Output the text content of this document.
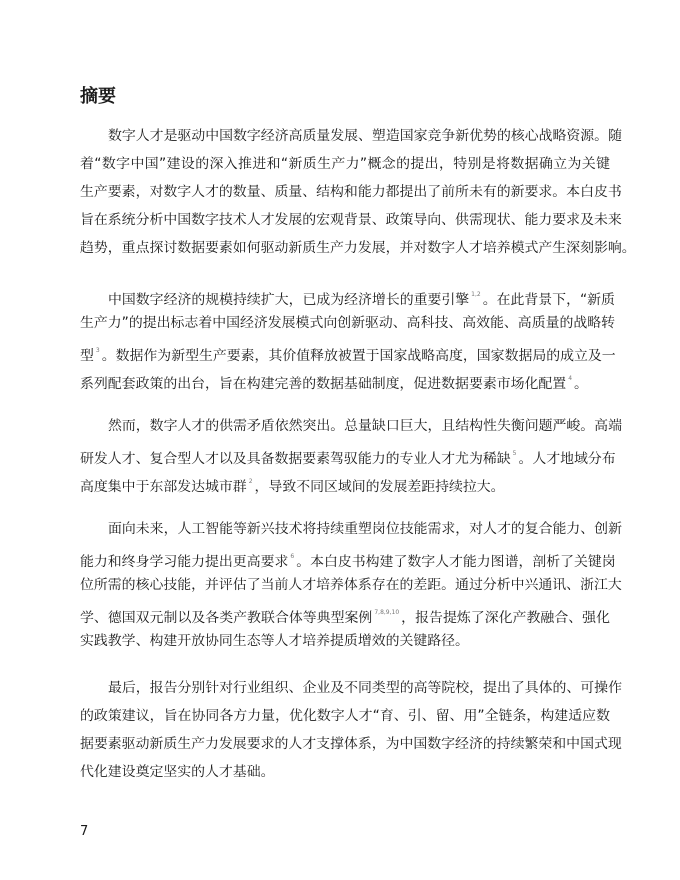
摘要
数字人才是驱动中国数字经济高质量发展、塑造国家竞争新优势的核心战略资源。随
着“数字中国”建设的深入推进和“新质生产力”概念的提出，特别是将数据确立为关键
生产要素，对数字人才的数量、质量、结构和能力都提出了前所未有的新要求。本白皮书
旨在系统分析中国数字技术人才发展的宏观背景、政策导向、供需现状、能力要求及未来
趋势，重点探讨数据要素如何驱动新质生产力发展，并对数字人才培养模式产生深刻影响。
中国数字经济的规模持续扩大，已成为经济增长的重要引擎 $^{1,2}$ 。在此背景下，“新质
生产力”的提出标志着中国经济发展模式向创新驱动、高科技、高效能、高质量的战略转
型 $^3$ 。数据作为新型生产要素，其价值释放被置于国家战略高度，国家数据局的成立及一
系列配套政策的出台，旨在构建完善的数据基础制度，促进数据要素市场化配置 $^4$ 。
然而，数字人才的供需矛盾依然突出。总量缺口巨大，且结构性失衡问题严峻。高端
研发人才、复合型人才以及具备数据要素驾驭能力的专业人才尤为稀缺 $^5$ 。人才地域分布
高度集中于东部发达城市群 $^2$ ，导致不同区域间的发展差距持续拉大。
面向未来，人工智能等新兴技术将持续重塑岗位技能需求，对人才的复合能力、创新
能力和终身学习能力提出更高要求 $^6$ 。本白皮书构建了数字人才能力图谱，剖析了关键岗
位所需的核心技能，并评估了当前人才培养体系存在的差距。通过分析中兴通讯、浙江大
学、德国双元制以及各类产教联合体等典型案例 $^{7,8,9,10}$ ，报告提炼了深化产教融合、强化
实践教学、构建开放协同生态等人才培养提质增效的关键路径。
最后，报告分别针对行业组织、企业及不同类型的高等院校，提出了具体的、可操作
的政策建议，旨在协同各方力量，优化数字人才“育、引、留、用”全链条，构建适应数
据要素驱动新质生产力发展要求的人才支撑体系，为中国数字经济的持续繁荣和中国式现
代化建设奠定坚实的人才基础。
7
